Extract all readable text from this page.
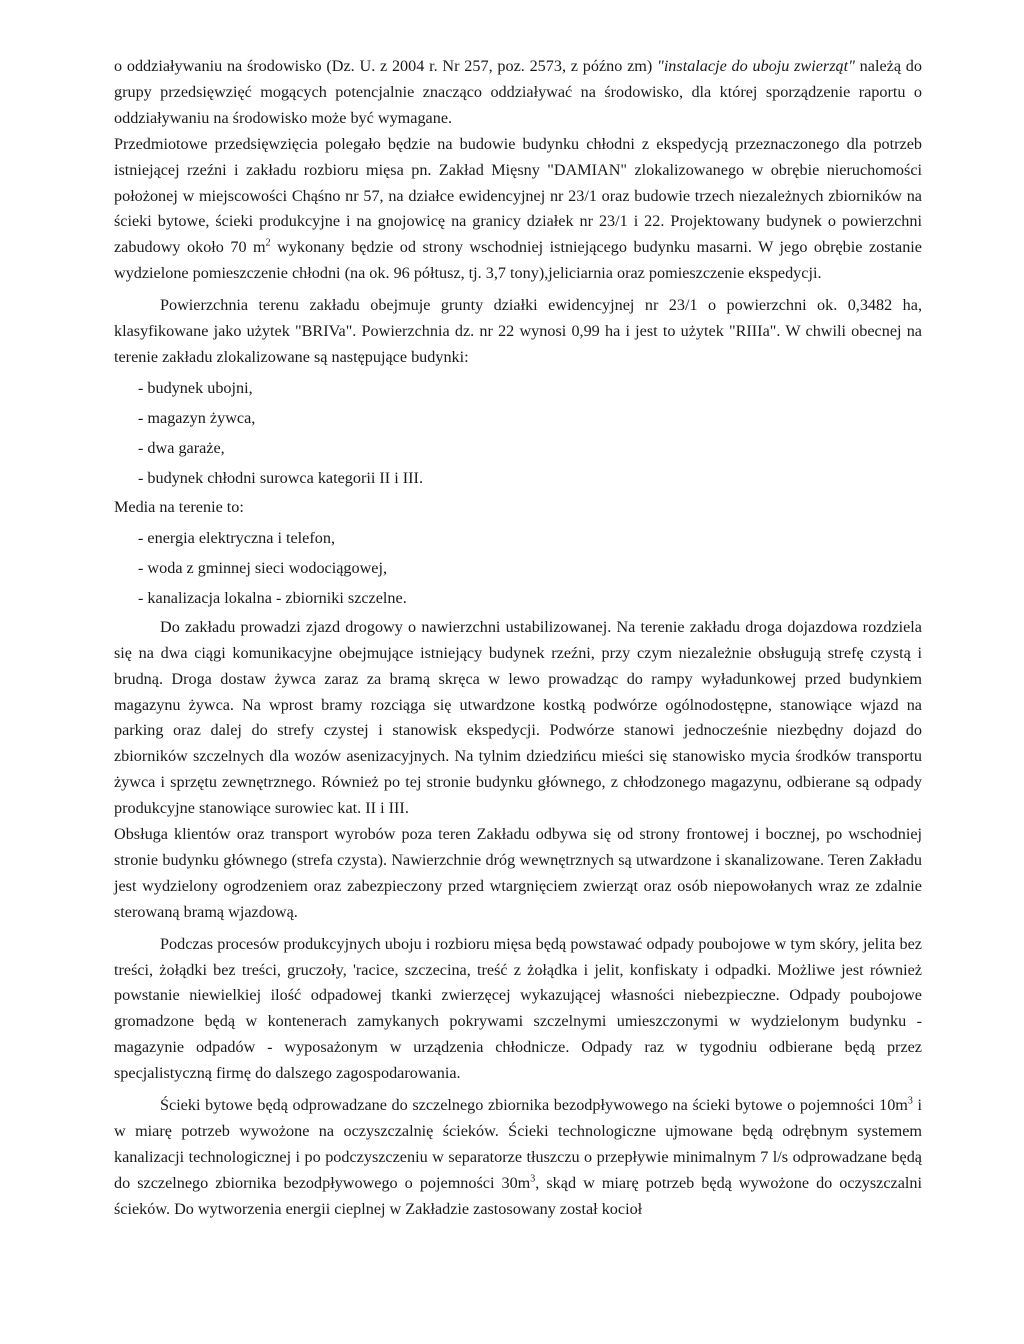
o oddziaływaniu na środowisko (Dz. U. z 2004 r. Nr 257, poz. 2573, z późno zm) "instalacje do uboju zwierząt" należą do grupy przedsięwzięć mogących potencjalnie znacząco oddziaływać na środowisko, dla której sporządzenie raportu o oddziaływaniu na środowisko może być wymagane.

Przedmiotowe przedsięwzięcia polegało będzie na budowie budynku chłodni z ekspedycją przeznaczonego dla potrzeb istniejącej rzeźni i zakładu rozbioru mięsa pn. Zakład Mięsny "DAMIAN" zlokalizowanego w obrębie nieruchomości położonej w miejscowości Chąśno nr 57, na działce ewidencyjnej nr 23/1 oraz budowie trzech niezależnych zbiorników na ścieki bytowe, ścieki produkcyjne i na gnojowicę na granicy działek nr 23/1 i 22. Projektowany budynek o powierzchni zabudowy około 70 $m^2$ wykonany będzie od strony wschodniej istniejącego budynku masarni. W jego obrębie zostanie wydzielone pomieszczenie chłodni (na ok. 96 półtusz, tj. 3,7 tony),jeliciarnia oraz pomieszczenie ekspedycji.

Powierzchnia terenu zakładu obejmuje grunty działki ewidencyjnej nr 23/1 o powierzchni ok. 0,3482 ha, klasyfikowane jako użytek "BRIVa". Powierzchnia dz. nr 22 wynosi 0,99 ha i jest to użytek "RIIIa". W chwili obecnej na terenie zakładu zlokalizowane są następujące budynki:

- budynek ubojni,
- magazyn żywca,
- dwa garaże,
- budynek chłodni surowca kategorii II i III.

Media na terenie to:

- energia elektryczna i telefon,
- woda z gminnej sieci wodociągowej,
- kanalizacja lokalna - zbiorniki szczelne.

Do zakładu prowadzi zjazd drogowy o nawierzchni ustabilizowanej. Na terenie zakładu droga dojazdowa rozdziela się na dwa ciągi komunikacyjne obejmujące istniejący budynek rzeźni, przy czym niezależnie obsługują strefę czystą i brudną. Droga dostaw żywca zaraz za bramą skręca w lewo prowadząc do rampy wyładunkowej przed budynkiem magazynu żywca. Na wprost bramy rozciąga się utwardzone kostką podwórze ogólnodostępne, stanowiące wjazd na parking oraz dalej do strefy czystej i stanowisk ekspedycji. Podwórze stanowi jednocześnie niezbędny dojazd do zbiorników szczelnych dla wozów asenizacyjnych. Na tylnim dziedzińcu mieści się stanowisko mycia środków transportu żywca i sprzętu zewnętrznego. Również po tej stronie budynku głównego, z chłodzonego magazynu, odbierane są odpady produkcyjne stanowiące surowiec kat. II i III.

Obsługa klientów oraz transport wyrobów poza teren Zakładu odbywa się od strony frontowej i bocznej, po wschodniej stronie budynku głównego (strefa czysta). Nawierzchnie dróg wewnętrznych są utwardzone i skanalizowane. Teren Zakładu jest wydzielony ogrodzeniem oraz zabezpieczony przed wtargnięciem zwierząt oraz osób niepowołanych wraz ze zdalnie sterowaną bramą wjazdową.

Podczas procesów produkcyjnych uboju i rozbioru mięsa będą powstawać odpady poubojowe w tym skóry, jelita bez treści, żołądki bez treści, gruczoły, 'racice, szczecina, treść z żołądka i jelit, konfiskaty i odpadki. Możliwe jest również powstanie niewielkiej ilość odpadowej tkanki zwierzęcej wykazującej własności niebezpieczne. Odpady poubojowe gromadzone będą w kontenerach zamykanych pokrywami szczelnymi umieszczonymi w wydzielonym budynku - magazynie odpadów - wyposażonym w urządzenia chłodnicze. Odpady raz w tygodniu odbierane będą przez specjalistyczną firmę do dalszego zagospodarowania.

Ścieki bytowe będą odprowadzane do szczelnego zbiornika bezodpływowego na ścieki bytowe o pojemności $10m^3$ i w miarę potrzeb wywożone na oczyszczalnię ścieków. Ścieki technologiczne ujmowane będą odrębnym systemem kanalizacji technologicznej i po podczyszczeniu w separatorze tłuszczu o przepływie minimalnym 7 l/s odprowadzane będą do szczelnego zbiornika bezodpływowego o pojemności $30m^3$, skąd w miarę potrzeb będą wywożone do oczyszczalni ścieków. Do wytworzenia energii cieplnej w Zakładzie zastosowany został kocioł
